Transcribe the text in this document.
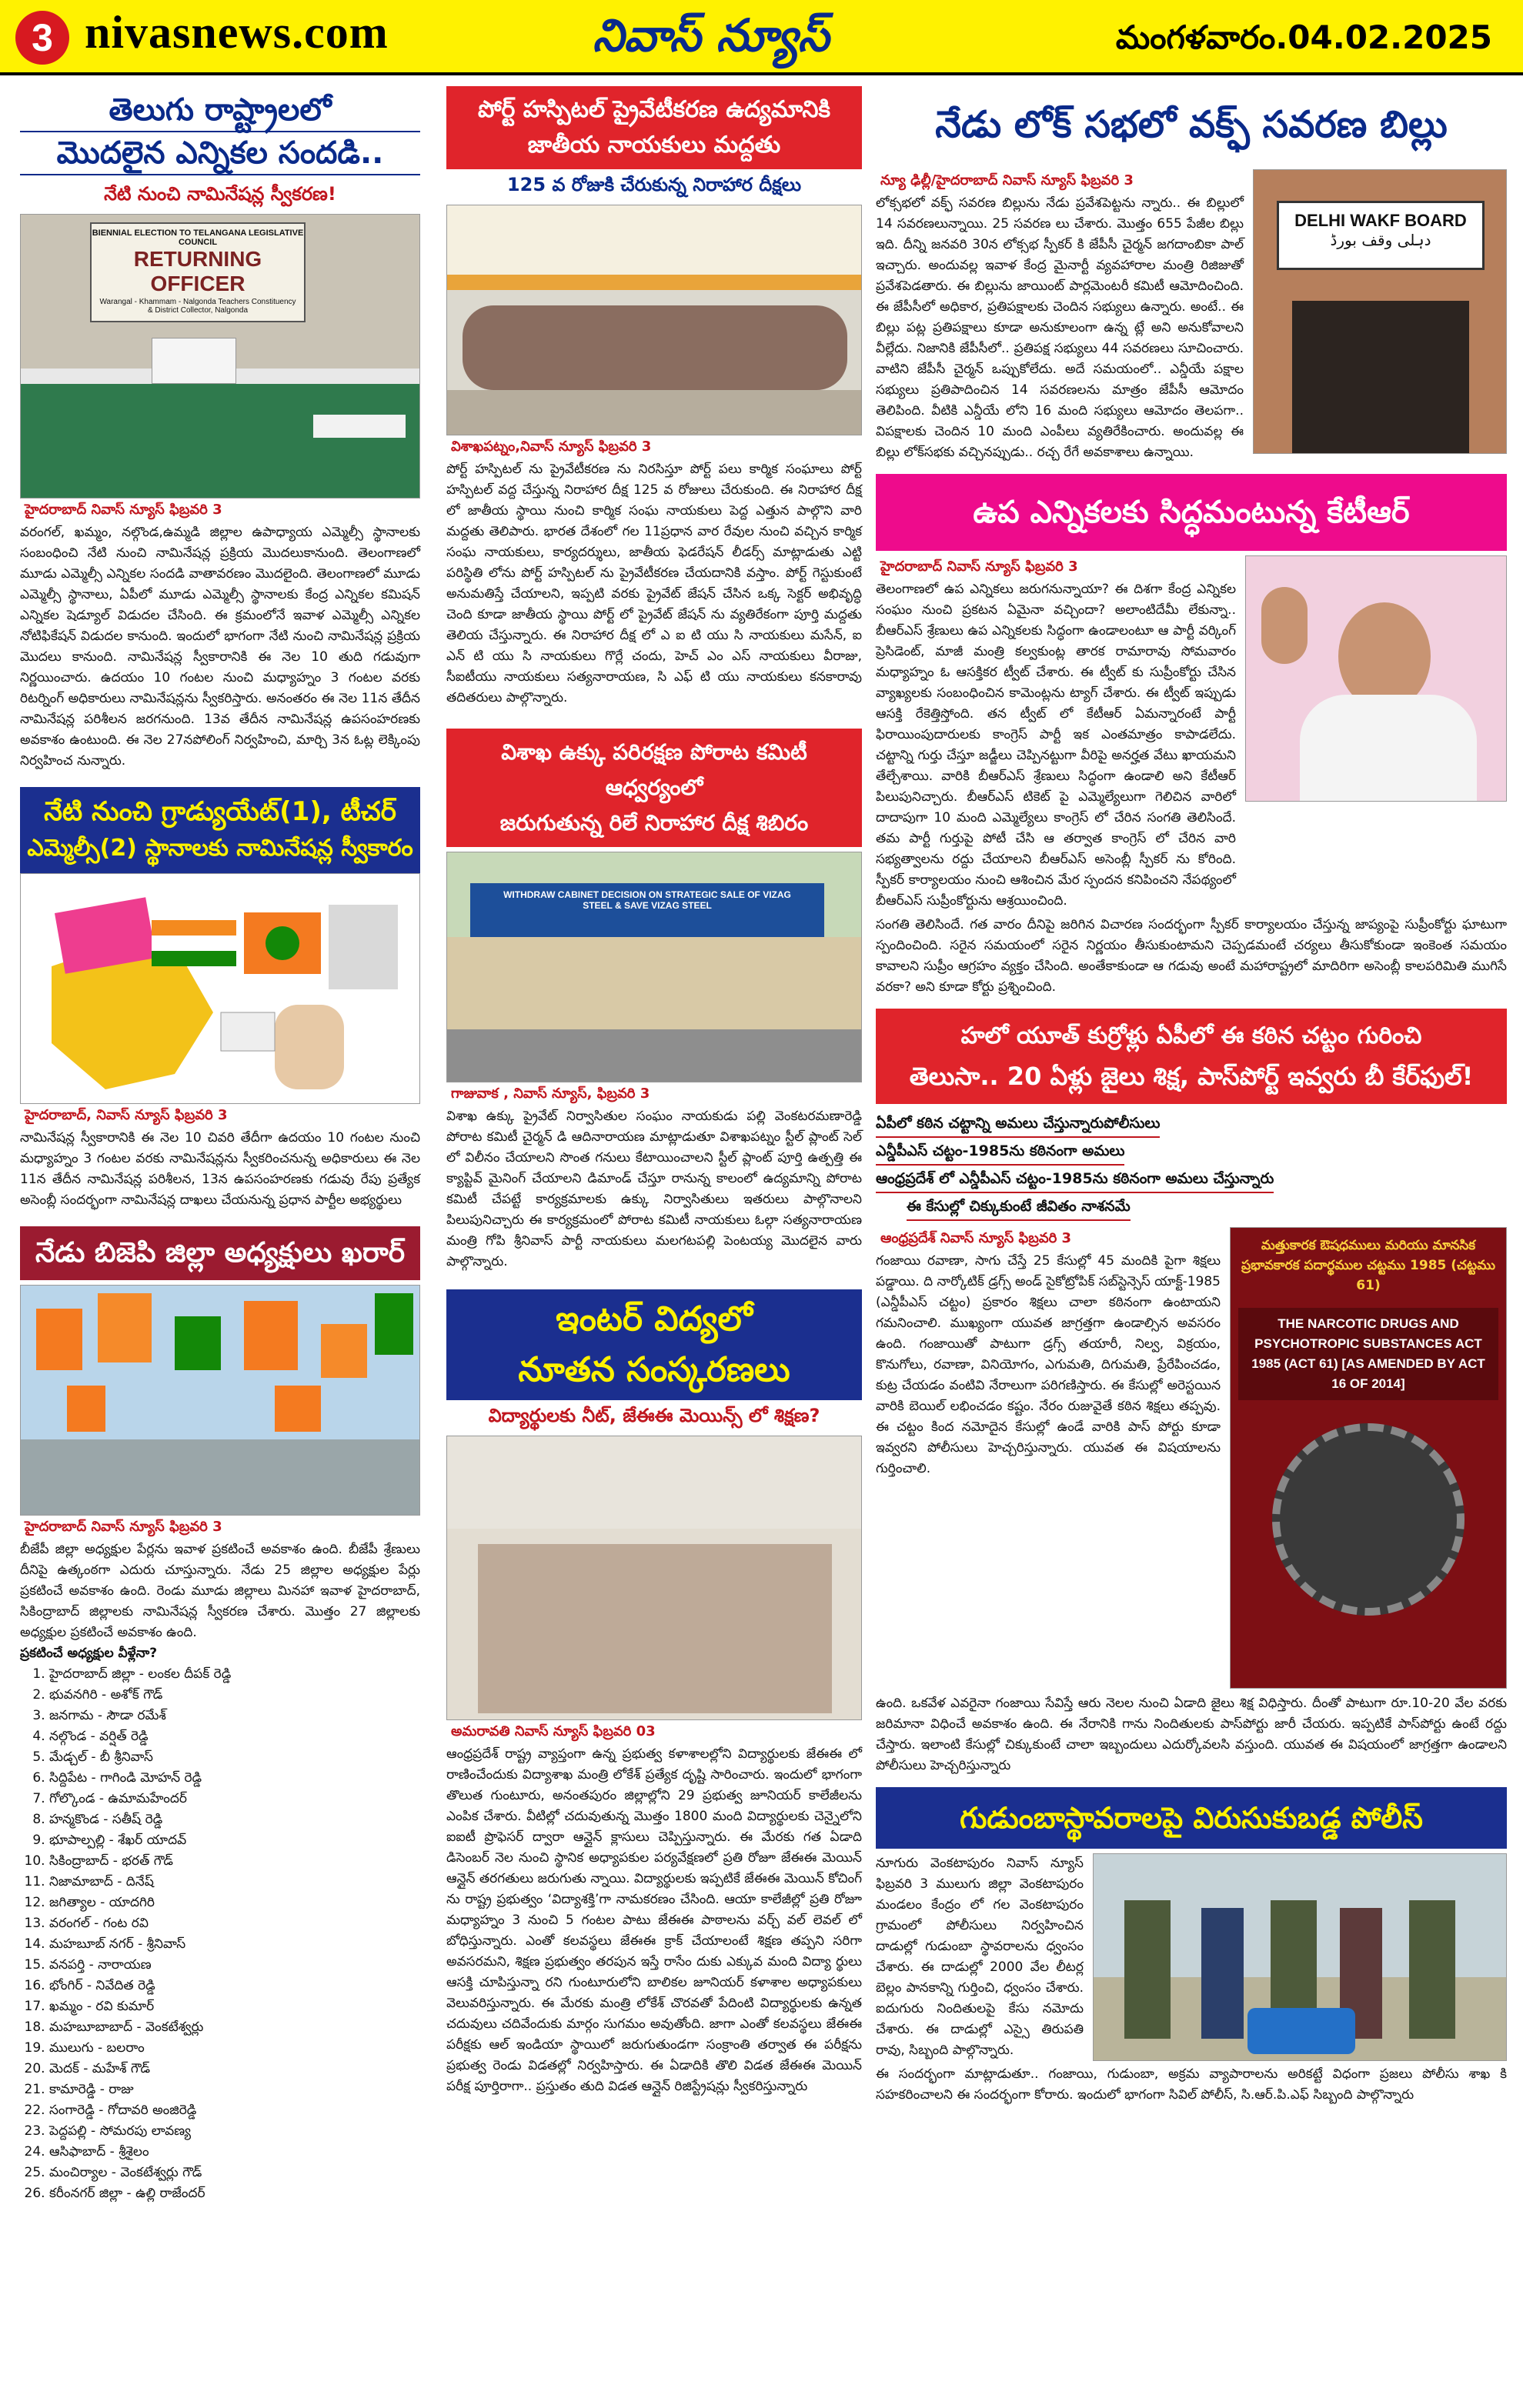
3 nivasnews.com	నివాస్ న్యూస్	మంగళవారం.04.02.2025
తెలుగు రాష్ట్రాలలో
మొదలైన ఎన్నికల సందడి..
నేటి నుంచి నామినేషన్ల స్వీకరణ!
BIENNIAL ELECTION TO TELANGANA LEGISLATIVE COUNCIL
RETURNING OFFICER
Warangal - Khammam - Nalgonda Teachers Constituency & District Collector, Nalgonda
హైదరాబాద్ నివాస్ న్యూస్ ఫిబ్రవరి 3
వరంగల్, ఖమ్మం, నల్గొండ,ఉమ్మడి జిల్లాల ఉపాధ్యాయ ఎమ్మెల్సీ స్థానాలకు సంబంధించి నేటి నుంచి నామినేషన్ల ప్రక్రియ మొదలుకానుంది. తెలంగాణలో మూడు ఎమ్మెల్సీ ఎన్నికల సందడి వాతావరణం మొదలైంది. తెలంగాణలో మూడు ఎమ్మెల్సీ స్థానాలు, ఏపీలో మూడు ఎమ్మెల్సీ స్థానాలకు కేంద్ర ఎన్నికల కమిషన్ ఎన్నికల షెడ్యూల్ విడుదల చేసింది. ఈ క్రమంలోనే ఇవాళ ఎమ్మెల్సీ ఎన్నికల నోటిఫికేషన్ విడుదల కానుంది. ఇందులో భాగంగా నేటి నుంచి నామినేషన్ల ప్రక్రియ మొదలు కానుంది. నామినేషన్ల స్వీకారానికి ఈ నెల 10 తుది గడువుగా నిర్ణయించారు. ఉదయం 10 గంటల నుంచి మధ్యాహ్నం 3 గంటల వరకు రిటర్నింగ్ అధికారులు నామినేషన్లను స్వీకరిస్తారు. అనంతరం ఈ నెల 11న తేదీన నామినేషన్ల పరిశీలన జరగనుంది. 13వ తేదీన నామినేషన్ల ఉపసంహరణకు అవకాశం ఉంటుంది. ఈ నెల 27నపోలింగ్ నిర్వహించి, మార్చి 3న ఓట్ల లెక్కింపు నిర్వహించ నున్నారు.
నేటి నుంచి గ్రాడ్యుయేట్(1), టీచర్
ఎమ్మెల్సీ(2) స్థానాలకు నామినేషన్ల స్వీకారం
హైదరాబాద్, నివాస్ న్యూస్ ఫిబ్రవరి 3
నామినేషన్ల స్వీకారానికి ఈ నెల 10 చివరి తేదీగా ఉదయం 10 గంటల నుంచి మధ్యాహ్నం 3 గంటల వరకు నామినేషన్లను స్వీకరించనున్న అధికారులు ఈ నెల 11న తేదీన నామినేషన్ల పరిశీలన, 13న ఉపసంహరణకు గడువు రేపు ప్రత్యేక అసెంబ్లీ సందర్భంగా నామినేషన్ల దాఖలు చేయనున్న ప్రధాన పార్టీల అభ్యర్థులు
నేడు బిజెపి జిల్లా అధ్యక్షులు ఖరార్
హైదరాబాద్ నివాస్ న్యూస్ ఫిబ్రవరి 3
బీజేపీ జిల్లా అధ్యక్షుల పేర్లను ఇవాళ ప్రకటించే అవకాశం ఉంది. బీజేపీ శ్రేణులు దీనిపై ఉత్కంఠగా ఎదురు చూస్తున్నారు. నేడు 25 జిల్లాల అధ్యక్షుల పేర్లు ప్రకటించే అవకాశం ఉంది. రెండు మూడు జిల్లాలు మినహా ఇవాళ హైదరాబాద్, సికింద్రాబాద్ జిల్లాలకు నామినేషన్ల స్వీకరణ చేశారు. మొత్తం 27 జిల్లాలకు అధ్యక్షుల ప్రకటించే అవకాశం ఉంది.
ప్రకటించే అధ్యక్షుల వీళ్లేనా?
1. హైదరాబాద్ జిల్లా - లంకల దీపక్ రెడ్డి
2. భువనగిరి - అశోక్ గౌడ్
3. జనగామ - సౌడా రమేశ్
4. నల్గొండ - వర్షిత్ రెడ్డి
5. మేడ్చల్ - బీ శ్రీనివాస్
6. సిద్దిపేట - గాగిండి మోహన్ రెడ్డి
7. గోల్కొండ - ఉమామహేందర్
8. హన్మకొండ - సతీష్ రెడ్డి
9. భూపాల్పల్లి - శేఖర్ యాదవ్
10. సికింద్రాబాద్ - భరత్ గౌడ్
11. నిజామాబాద్ - దినేష్
12. జగిత్యాల - యాదగిరి
13. వరంగల్ - గంట రవి
14. మహబూబ్ నగర్ - శ్రీనివాస్
15. వనపర్తి - నారాయణ
16. భోంగిర్ - నివేదిత రెడ్డి
17. ఖమ్మం - రవి కుమార్
18. మహబూబాబాద్ - వెంకటేశ్వర్లు
19. ములుగు - బలరాం
20. మెదక్ - మహేశ్ గౌడ్
21. కామారెడ్డి - రాజు
22. సంగారెడ్డి - గోదావరి అంజిరెడ్డి
23. పెద్దపల్లి - సోమరపు లావణ్య
24. ఆసిఫాబాద్ - శ్రీశైలం
25. మంచిర్యాల - వెంకటేశ్వర్లు గౌడ్
26. కరీంనగర్ జిల్లా - ఉల్లి రాజేందర్
పోర్ట్ హస్పిటల్ ప్రైవేటీకరణ ఉద్యమానికి
జాతీయ నాయకులు మద్దతు
125 వ రోజుకి చేరుకున్న నిరాహార దీక్షలు
విశాఖపట్నం,నివాస్ న్యూస్ ఫిబ్రవరి 3
పోర్ట్ హస్పిటల్ ను ప్రైవేటీకరణ ను నిరసిస్తూ పోర్ట్ పలు కార్మిక సంఘాలు పోర్ట్ హస్పిటల్ వద్ద చేస్తున్న నిరాహార దీక్ష 125 వ రోజులు చేరుకుంది. ఈ నిరాహార దీక్ష లో జాతీయ స్థాయి నుంచి కార్మిక సంఘ నాయకులు పెద్ద ఎత్తున పాల్గొని వారి మద్దతు తెలిపారు. భారత దేశంలో గల 11ప్రధాన వార రేవుల నుంచి వచ్చిన కార్మిక సంఘ నాయకులు, కార్యదర్శులు, జాతీయ ఫెడరేషన్ లీడర్స్ మాట్లాడుతు ఎట్టి పరిస్థితి లోను పోర్ట్ హస్పిటల్ ను ప్రైవేటీకరణ చేయదానికి వస్తాం. పోర్ట్ గెస్టుకుంటే అనుమతిస్తే చేయాలని, ఇప్పటి వరకు ప్రైవేట్ జేషన్ చేసిన ఒక్క సెక్టర్ అభివృద్ధి చెంది కూడా జాతీయ స్థాయి పోర్ట్ లో ప్రైవేట్ జేషన్ ను వ్యతిరేకంగా పూర్తి మద్దతు తెలియ చేస్తున్నారు. ఈ నిరాహార దీక్ష లో ఎ ఐ టి యు సి నాయకులు మసేన్, ఐ ఎన్ టి యు సి నాయకులు గొర్లే చందు, హెచ్ ఎం ఎస్ నాయకులు వీరాజు, సీఐటీయు నాయకులు సత్యనారాయణ, సి ఎఫ్ టి యు నాయకులు కనకారావు తదితరులు పాల్గొన్నారు.
విశాఖ ఉక్కు పరిరక్షణ పోరాట కమిటీ ఆధ్వర్యంలో
జరుగుతున్న రిలే నిరాహార దీక్ష శిబిరం
WITHDRAW CABINET DECISION ON STRATEGIC SALE OF VIZAG STEEL & SAVE VIZAG STEEL
గాజువాక , నివాస్ న్యూస్, ఫిబ్రవరి 3
విశాఖ ఉక్కు ప్రైవేట్ నిర్వాసితుల సంఘం నాయకుడు పల్లి వెంకటరమణారెడ్డి పోరాట కమిటీ చైర్మన్ డి ఆదినారాయణ మాట్లాడుతూ విశాఖపట్నం స్టీల్ ప్లాంట్ సెల్ లో విలీనం చేయాలని సొంత గనులు కేటాయించాలని స్టీల్ ప్లాంట్ పూర్తి ఉత్పత్తి ఈ క్యాప్టివ్ మైనింగ్ చేయాలని డిమాండ్ చేస్తూ రానున్న కాలంలో ఉద్యమాన్ని పోరాట కమిటీ చేపట్టే కార్యక్రమాలకు ఉక్కు నిర్వాసితులు ఇతరులు పాల్గొనాలని పిలుపునిచ్చారు ఈ కార్యక్రమంలో పోరాట కమిటీ నాయకులు ఓల్గా సత్యనారాయణ మంత్రి గోపి శ్రీనివాస్ పార్టీ నాయకులు మలగటపల్లి పెంటయ్య మొదలైన వారు పాల్గొన్నారు.
ఇంటర్ విద్యలో
నూతన సంస్కరణలు
విద్యార్థులకు నీట్, జేఈఈ మెయిన్స్ లో శిక్షణ?
అమరావతి నివాస్ న్యూస్ ఫిబ్రవరి 03
ఆంధ్రప్రదేశ్ రాష్ట్ర వ్యాప్తంగా ఉన్న ప్రభుత్వ కళాశాలల్లోని విద్యార్థులకు జేఈఈ లో రాణించేందుకు విద్యాశాఖ మంత్రి లోకేశ్ ప్రత్యేక దృష్టి సారించారు. ఇందులో భాగంగా తొలుత గుంటూరు, అనంతపురం జిల్లాల్లోని 29 ప్రభుత్వ జూనియర్ కాలేజీలను ఎంపిక చేశారు. వీటిల్లో చదువుతున్న మొత్తం 1800 మంది విద్యార్థులకు చెన్నైలోని ఐఐటీ ప్రొఫెసర్ ద్వారా ఆన్లైన్ క్లాసులు చెప్పిస్తున్నారు. ఈ మేరకు గత ఏడాది డిసెంబర్ నెల నుంచి స్థానిక అధ్యాపకుల పర్యవేక్షణలో ప్రతి రోజూ జేఈఈ మెయిన్ ఆన్లైన్ తరగతులు జరుగుతు న్నాయి. విద్యార్థులకు ఇప్పటికే జేఈఈ మెయిన్ కోచింగ్ ను రాష్ట్ర ప్రభుత్వం ‘విద్యాశక్తి’గా నామకరణం చేసింది. ఆయా కాలేజీల్లో ప్రతి రోజూ మధ్యాహ్నం 3 నుంచి 5 గంటల పాటు జేఈఈ పాఠాలను వర్చ్ వల్ లెవల్ లో బోధిస్తున్నారు. ఎంతో కలవస్థలు జేఈఈ క్రాక్ చేయాలంటే శిక్షణ తప్పని సరిగా అవసరమని, శిక్షణ ప్రభుత్వం తరపున ఇస్తే రాసేం దుకు ఎక్కువ మంది విద్యా ర్థులు ఆసక్తి చూపిస్తున్నా రని గుంటూరులోని బాలికల జూనియర్ కళాశాల అధ్యాపకులు వెలువరిస్తున్నారు. ఈ మేరకు మంత్రి లోకేశ్ చొరవతో పేదింటి విద్యార్థులకు ఉన్నత చదువులు చదివేందుకు మార్గం సుగమం అవుతోంది. జాగా ఎంతో కలవస్థలు జేఈఈ పరీక్షకు ఆల్ ఇండియా స్థాయిలో జరుగుతుండగా సంక్రాంతి తర్వాత ఈ పరీక్షను ప్రభుత్వ రెండు విడతల్లో నిర్వహిస్తారు. ఈ ఏడాదికి తొలి విడత జేఈఈ మెయిన్ పరీక్ష పూర్తిరాగా.. ప్రస్తుతం తుది విడత ఆన్లైన్ రిజిస్ట్రేషన్లు స్వీకరిస్తున్నారు
నేడు లోక్ సభలో వక్ఫ్ సవరణ బిల్లు
న్యూ ఢిల్లీ/హైదరాబాద్ నివాస్ న్యూస్ ఫిబ్రవరి 3
లోక్సభలో వక్ఫ్ సవరణ బిల్లును నేడు ప్రవేశపెట్టను న్నారు.. ఈ బిల్లులో 14 సవరణలున్నాయి. 25 సవరణ లు చేశారు. మొత్తం 655 పేజీల బిల్లు ఇది. దీన్ని జనవరి 30న లోక్సభ స్పీకర్ కి జేపీసీ చైర్మన్ జగదాంబికా పాల్ ఇచ్చారు. అందువల్ల ఇవాళ కేంద్ర మైనార్టీ వ్యవహారాల మంత్రి రిజిజుతో ప్రవేశపెడతారు. ఈ బిల్లును జాయింట్ పార్లమెంటరీ కమిటీ ఆమోదించింది. ఈ జేపీసీలో అధికార, ప్రతిపక్షాలకు చెందిన సభ్యులు ఉన్నారు. అంటే.. ఈ బిల్లు పట్ల ప్రతిపక్షాలు కూడా అనుకూలంగా ఉన్న ట్లే అని అనుకోవాలని వీల్లేదు. నిజానికి జేపీసీలో.. ప్రతిపక్ష సభ్యులు 44 సవరణలు సూచించారు. వాటిని జేపీసీ చైర్మన్ ఒప్పుకోలేదు. అదే సమయంలో.. ఎన్డీయే పక్షాల సభ్యులు ప్రతిపాదించిన 14 సవరణలను మాత్రం జేపీసీ ఆమోదం తెలిపింది. వీటికి ఎన్డీయే లోని 16 మంది సభ్యులు ఆమోదం తెలపగా.. విపక్షాలకు చెందిన 10 మంది ఎంపీలు వ్యతిరేకించారు. అందువల్ల ఈ బిల్లు లోక్‌సభకు వచ్చినప్పుడు.. రచ్చ రేగే అవకాశాలు ఉన్నాయి.
DELHI WAKF BOARD
دہلی وقف بورڈ
ఉప ఎన్నికలకు సిద్ధమంటున్న కేటీఆర్
హైదరాబాద్ నివాస్ న్యూస్ ఫిబ్రవరి 3
తెలంగాణలో ఉప ఎన్నికలు జరుగనున్నాయా? ఈ దిశగా కేంద్ర ఎన్నికల సంఘం నుంచి ప్రకటన ఏమైనా వచ్చిందా? అలాంటిదేమీ లేకున్నా.. బీఆర్ఎస్ శ్రేణులు ఉప ఎన్నికలకు సిద్ధంగా ఉండాలంటూ ఆ పార్టీ వర్కింగ్ ప్రెసిడెంట్, మాజీ మంత్రి కల్వకుంట్ల తారక రామారావు సోమవారం మధ్యాహ్నం ఓ ఆసక్తికర ట్వీట్ చేశారు. ఈ ట్వీట్ కు సుప్రీంకోర్టు చేసిన వ్యాఖ్యలకు సంబంధించిన కామెంట్లను ట్యాగ్ చేశారు. ఈ ట్వీట్ ఇప్పుడు ఆసక్తి రేకెత్తిస్తోంది. తన ట్వీట్ లో కేటీఆర్ ఏమన్నారంటే పార్టీ ఫిరాయింపుదారులకు కాంగ్రెస్ పార్టీ ఇక ఎంతమాత్రం కాపాడలేదు. చట్టాన్ని గుర్తు చేస్తూ జడ్జీలు చెప్పినట్టుగా వీరిపై అనర్హత వేటు ఖాయమని తేల్చేశాయి. వారికి బీఆర్ఎస్ శ్రేణులు సిద్ధంగా ఉండాలి అని కేటీఆర్ పిలుపునిచ్చారు. బీఆర్ఎస్ టికెట్ పై ఎమ్మెల్యేలుగా గెలిచిన వారిలో దాదాపుగా 10 మంది ఎమ్మెల్యేలు కాంగ్రెస్ లో చేరిన సంగతి తెలిసిందే. తమ పార్టీ గుర్తుపై పోటీ చేసి ఆ తర్వాత కాంగ్రెస్ లో చేరిన వారి సభ్యత్వాలను రద్దు చేయాలని బీఆర్ఎస్ అసెంబ్లీ స్పీకర్ ను కోరింది. స్పీకర్ కార్యాలయం నుంచి ఆశించిన మేర స్పందన కనిపించని నేపథ్యంలో బీఆర్ఎస్ సుప్రీంకోర్టును ఆశ్రయించింది.
సంగతి తెలిసిందే. గత వారం దీనిపై జరిగిన విచారణ సందర్భంగా స్పీకర్ కార్యాలయం చేస్తున్న జాప్యంపై సుప్రీంకోర్టు ఘాటుగా స్పందించింది. సరైన సమయంలో సరైన నిర్ణయం తీసుకుంటామని చెప్పడమంటే చర్యలు తీసుకోకుండా ఇంకెంత సమయం కావాలని సుప్రీం ఆగ్రహం వ్యక్తం చేసింది. అంతేకాకుండా ఆ గడువు అంటే మహారాష్ట్రలో మాదిరిగా అసెంబ్లీ కాలపరిమితి ముగిసే వరకా? అని కూడా కోర్టు ప్రశ్నించింది.
హలో యూత్ కుర్రోళ్లు ఏపీలో ఈ కఠిన చట్టం గురించి
తెలుసా.. 20 ఏళ్లు జైలు శిక్ష, పాస్‌పోర్ట్ ఇవ్వరు బీ కేర్‌ఫుల్!
ఏపీలో కఠిన చట్టాన్ని అమలు చేస్తున్నారుపోలీసులు
ఎన్డీపీఎస్ చట్టం-1985ను కఠినంగా అమలు
ఆంధ్రప్రదేశ్ లో ఎన్డీపీఎస్ చట్టం-1985ను కఠినంగా అమలు చేస్తున్నారు
ఈ కేసుల్లో చిక్కుకుంటే జీవితం నాశనమే
ఆంధ్రప్రదేశ్ నివాస్ న్యూస్ ఫిబ్రవరి 3
గంజాయి రవాణా, సాగు చేస్తే 25 కేసుల్లో 45 మందికి పైగా శిక్షలు పడ్డాయి. ది నార్కోటిక్ డ్రగ్స్ అండ్ సైకోట్రోపిక్ సబ్‌స్టెన్సెస్ యాక్ట్-1985 (ఎన్డీపీఎస్ చట్టం) ప్రకారం శిక్షలు చాలా కఠినంగా ఉంటాయని గమనించాలి. ముఖ్యంగా యువత జాగ్రత్తగా ఉండాల్సిన అవసరం ఉంది. గంజాయితో పాటుగా డ్రగ్స్ తయారీ, నిల్వ, విక్రయం, కొనుగోలు, రవాణా, వినియోగం, ఎగుమతి, దిగుమతి, ప్రేరేపించడం, కుట్ర చేయడం వంటివి నేరాలుగా పరిగణిస్తారు. ఈ కేసుల్లో అరెస్టయిన వారికి బెయిల్ లభించడం కష్టం. నేరం రుజువైతే కఠిన శిక్షలు తప్పవు. ఈ చట్టం కింద నమోదైన కేసుల్లో ఉండే వారికి పాస్ పోర్టు కూడా ఇవ్వరని పోలీసులు హెచ్చరిస్తున్నారు. యువత ఈ విషయాలను గుర్తించాలి.
మత్తుకారక ఔషధములు మరియు మానసిక ప్రభావకారక పదార్థముల చట్టము 1985 (చట్టము 61)
THE NARCOTIC DRUGS AND PSYCHOTROPIC SUBSTANCES ACT 1985 (ACT 61) [AS AMENDED BY ACT 16 OF 2014]
ఉంది. ఒకవేళ ఎవరైనా గంజాయి సేవిస్తే ఆరు నెలల నుంచి ఏడాది జైలు శిక్ష విధిస్తారు. దీంతో పాటుగా రూ.10-20 వేల వరకు జరిమానా విధించే అవకాశం ఉంది. ఈ నేరానికి గాను నిందితులకు పాస్‌పోర్టు జారీ చేయరు. ఇప్పటికే పాస్‌పోర్టు ఉంటే రద్దు చేస్తారు. ఇలాంటి కేసుల్లో చిక్కుకుంటే చాలా ఇబ్బందులు ఎదుర్కోవలసి వస్తుంది. యువత ఈ విషయంలో జాగ్రత్తగా ఉండాలని పోలీసులు హెచ్చరిస్తున్నారు
గుడుంబాస్థావరాలపై విరుసుకుబడ్డ పోలీస్
నూగురు వెంకటాపురం నివాస్ న్యూస్ ఫిబ్రవరి 3 ములుగు జిల్లా వెంకటాపురం మండలం కేంద్రం లో గల వెంకటాపురం గ్రామంలో పోలీసులు నిర్వహించిన దాడుల్లో గుడుంబా స్థావరాలను ధ్వంసం చేశారు. ఈ దాడుల్లో 2000 వేల లీటర్ల బెల్లం పానకాన్ని గుర్తించి, ధ్వంసం చేశారు. ఐదుగురు నిందితులపై కేసు నమోదు చేశారు. ఈ దాడుల్లో ఎస్సై తిరుపతి రావు, సిబ్బంది పాల్గొన్నారు.
ఈ సందర్భంగా మాట్లాడుతూ.. గంజాయి, గుడుంబా, అక్రమ వ్యాపారాలను అరికట్టే విధంగా ప్రజలు పోలీసు శాఖ కి సహకరించాలని ఈ సందర్భంగా కోరారు. ఇందులో భాగంగా సివిల్ పోలీస్, సి.ఆర్.పి.ఎఫ్ సిబ్బంది పాల్గొన్నారు
